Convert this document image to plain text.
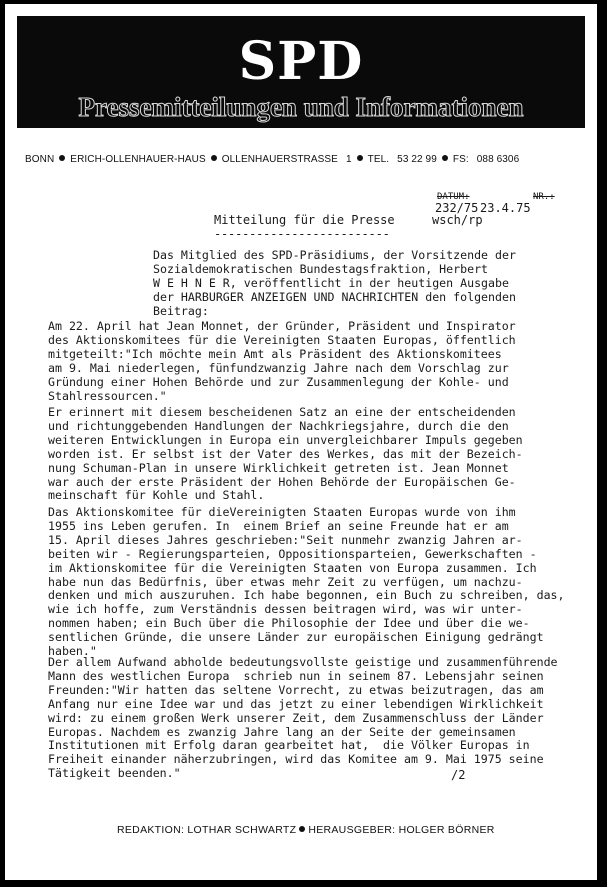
SPD
Pressemitteilungen und Informationen
BONN ERICH-OLLENHAUER-HAUS OLLENHAUERSTRASSE 1 TEL. 53 22 99 FS: 088 6306
DATUM:	NR.:
232/75 23.4.75
wsch/rp
Mitteilung für die Presse
-------------------------
Das Mitglied des SPD-Präsidiums, der Vorsitzende der
Sozialdemokratischen Bundestagsfraktion, Herbert
W E H N E R, veröffentlicht in der heutigen Ausgabe
der HARBURGER ANZEIGEN UND NACHRICHTEN den folgenden
Beitrag:
Am 22. April hat Jean Monnet, der Gründer, Präsident und Inspirator
des Aktionskomitees für die Vereinigten Staaten Europas, öffentlich
mitgeteilt:"Ich möchte mein Amt als Präsident des Aktionskomitees
am 9. Mai niederlegen, fünfundzwanzig Jahre nach dem Vorschlag zur
Gründung einer Hohen Behörde und zur Zusammenlegung der Kohle- und
Stahlressourcen."
Er erinnert mit diesem bescheidenen Satz an eine der entscheidenden
und richtunggebenden Handlungen der Nachkriegsjahre, durch die den
weiteren Entwicklungen in Europa ein unvergleichbarer Impuls gegeben
worden ist. Er selbst ist der Vater des Werkes, das mit der Bezeich-
nung Schuman-Plan in unsere Wirklichkeit getreten ist. Jean Monnet
war auch der erste Präsident der Hohen Behörde der Europäischen Ge-
meinschaft für Kohle und Stahl.
Das Aktionskomitee für dieVereinigten Staaten Europas wurde von ihm
1955 ins Leben gerufen. In  einem Brief an seine Freunde hat er am
15. April dieses Jahres geschrieben:"Seit nunmehr zwanzig Jahren ar-
beiten wir - Regierungsparteien, Oppositionsparteien, Gewerkschaften -
im Aktionskomitee für die Vereinigten Staaten von Europa zusammen. Ich
habe nun das Bedürfnis, über etwas mehr Zeit zu verfügen, um nachzu-
denken und mich auszuruhen. Ich habe begonnen, ein Buch zu schreiben, das,
wie ich hoffe, zum Verständnis dessen beitragen wird, was wir unter-
nommen haben; ein Buch über die Philosophie der Idee und über die we-
sentlichen Gründe, die unsere Länder zur europäischen Einigung gedrängt
haben."
Der allem Aufwand abholde bedeutungsvollste geistige und zusammenführende
Mann des westlichen Europa  schrieb nun in seinem 87. Lebensjahr seinen
Freunden:"Wir hatten das seltene Vorrecht, zu etwas beizutragen, das am
Anfang nur eine Idee war und das jetzt zu einer lebendigen Wirklichkeit
wird: zu einem großen Werk unserer Zeit, dem Zusammenschluss der Länder
Europas. Nachdem es zwanzig Jahre lang an der Seite der gemeinsamen
Institutionen mit Erfolg daran gearbeitet hat,  die Völker Europas in
Freiheit einander näherzubringen, wird das Komitee am 9. Mai 1975 seine
Tätigkeit beenden."	/2
REDAKTION: LOTHAR SCHWARTZ HERAUSGEBER: HOLGER BÖRNER
